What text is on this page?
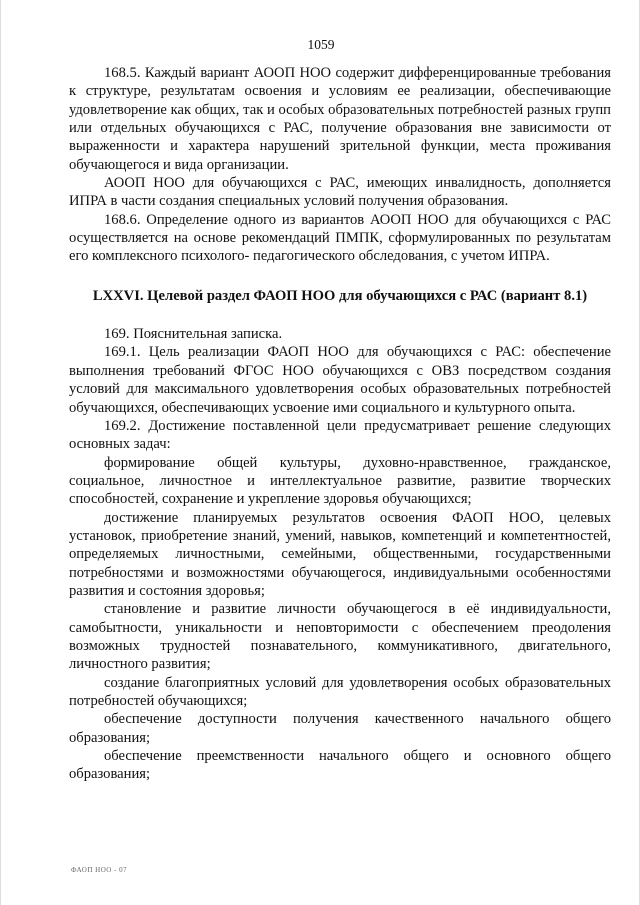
1059

168.5. Каждый вариант АООП НОО содержит дифференцированные требования к структуре, результатам освоения и условиям ее реализации, обеспечивающие удовлетворение как общих, так и особых образовательных потребностей разных групп или отдельных обучающихся с РАС, получение образования вне зависимости от выраженности и характера нарушений зрительной функции, места проживания обучающегося и вида организации.

АООП НОО для обучающихся с РАС, имеющих инвалидность, дополняется ИПРА в части создания специальных условий получения образования.

168.6. Определение одного из вариантов АООП НОО для обучающихся с РАС осуществляется на основе рекомендаций ПМПК, сформулированных по результатам его комплексного психолого- педагогического обследования, с учетом ИПРА.

LXXVI. Целевой раздел ФАОП НОО для обучающихся с РАС (вариант 8.1)

169. Пояснительная записка.

169.1. Цель реализации ФАОП НОО для обучающихся с РАС: обеспечение выполнения требований ФГОС НОО обучающихся с ОВЗ посредством создания условий для максимального удовлетворения особых образовательных потребностей обучающихся, обеспечивающих усвоение ими социального и культурного опыта.

169.2. Достижение поставленной цели предусматривает решение следующих основных задач:

формирование общей культуры, духовно-нравственное, гражданское, социальное, личностное и интеллектуальное развитие, развитие творческих способностей, сохранение и укрепление здоровья обучающихся;

достижение планируемых результатов освоения ФАОП НОО, целевых установок, приобретение знаний, умений, навыков, компетенций и компетентностей, определяемых личностными, семейными, общественными, государственными потребностями и возможностями обучающегося, индивидуальными особенностями развития и состояния здоровья;

становление и развитие личности обучающегося в её индивидуальности, самобытности, уникальности и неповторимости с обеспечением преодоления возможных трудностей познавательного, коммуникативного, двигательного, личностного развития;

создание благоприятных условий для удовлетворения особых образовательных потребностей обучающихся;

обеспечение доступности получения качественного начального общего образования;

обеспечение преемственности начального общего и основного общего образования;

ФАОП НОО - 07
